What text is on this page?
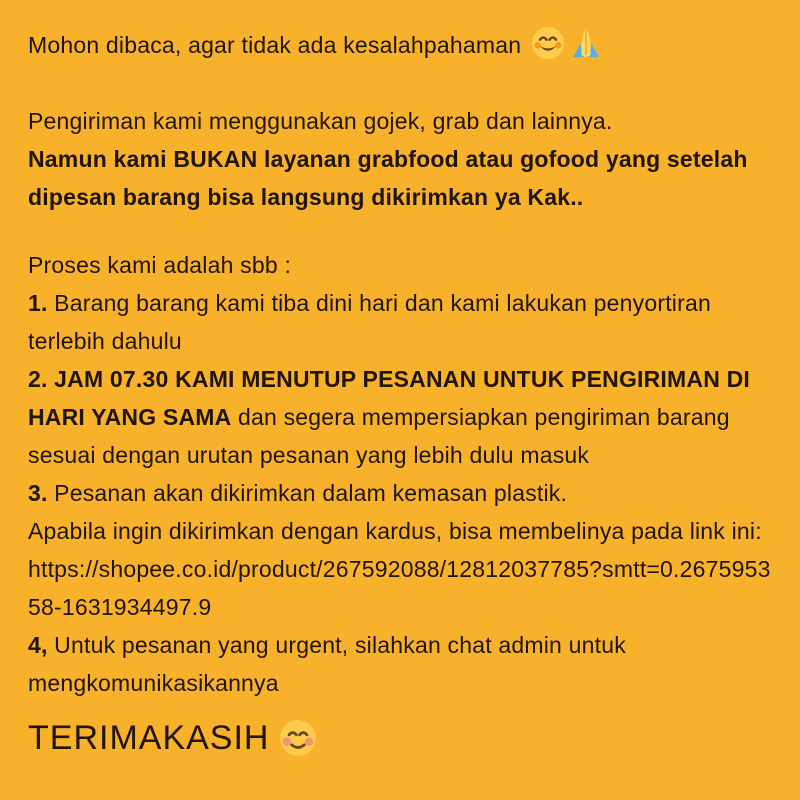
Mohon dibaca, agar tidak ada kesalahpahaman

Pengiriman kami menggunakan gojek, grab dan lainnya.

Namun kami BUKAN layanan grabfood atau gofood yang setelah dipesan barang bisa langsung dikirimkan ya Kak..

Proses kami adalah sbb :

1. Barang barang kami tiba dini hari dan kami lakukan penyortiran terlebih dahulu

2. JAM 07.30 KAMI MENUTUP PESANAN UNTUK PENGIRIMAN DI HARI YANG SAMA dan segera mempersiapkan pengiriman barang sesuai dengan urutan pesanan yang lebih dulu masuk

3. Pesanan akan dikirimkan dalam kemasan plastik.

Apabila ingin dikirimkan dengan kardus, bisa membelinya pada link ini:

https://shopee.co.id/product/267592088/12812037785?smtt=0.267595358-1631934497.9

4, Untuk pesanan yang urgent, silahkan chat admin untuk mengkomunikasikannya

TERIMAKASIH
